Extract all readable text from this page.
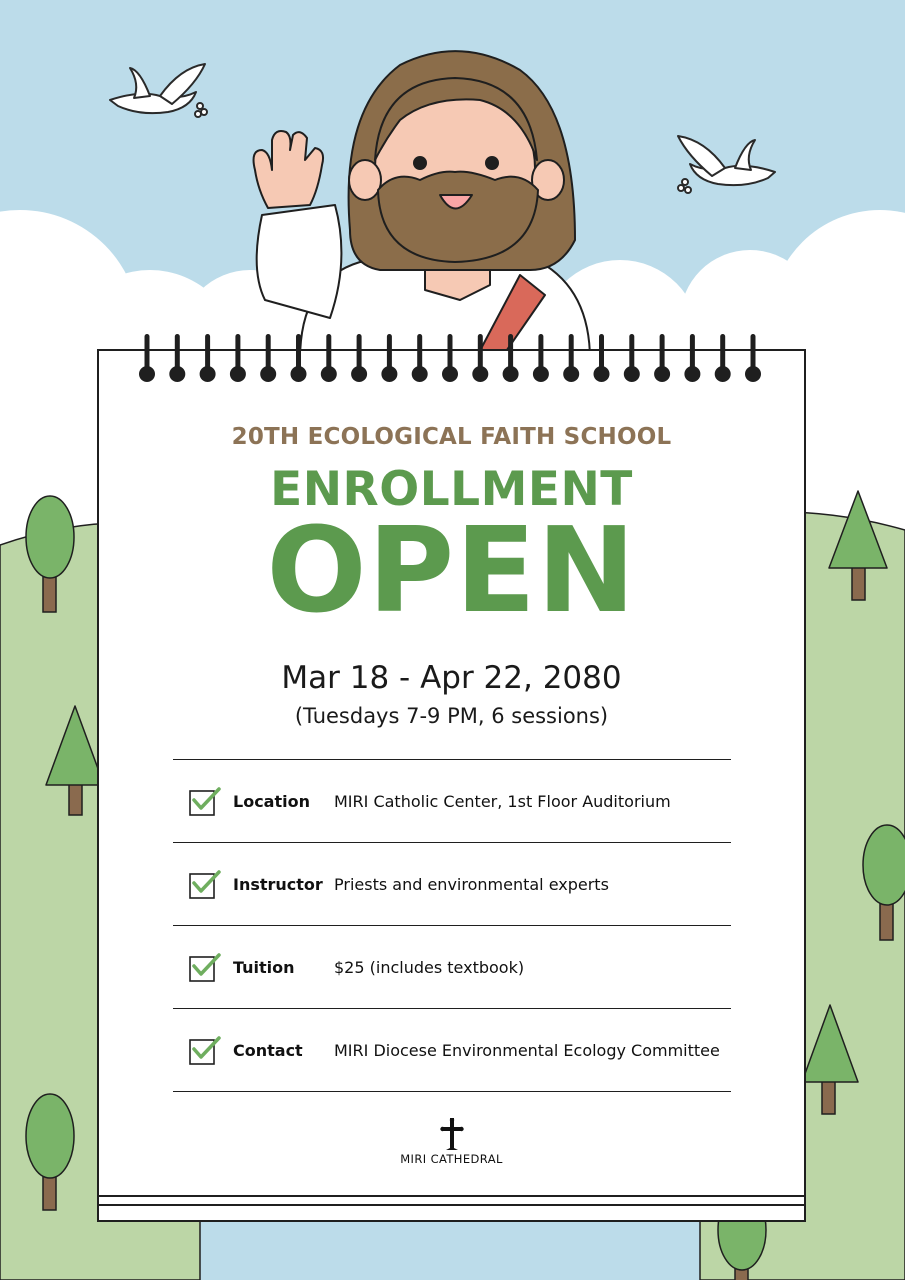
20TH ECOLOGICAL FAITH SCHOOL
ENROLLMENT
OPEN
Mar 18 - Apr 22, 2080
(Tuesdays 7-9 PM, 6 sessions)
Location MIRI Catholic Center, 1st Floor Auditorium
Instructor Priests and environmental experts
Tuition $25 (includes textbook)
Contact MIRI Diocese Environmental Ecology Committee
MIRI CATHEDRAL
